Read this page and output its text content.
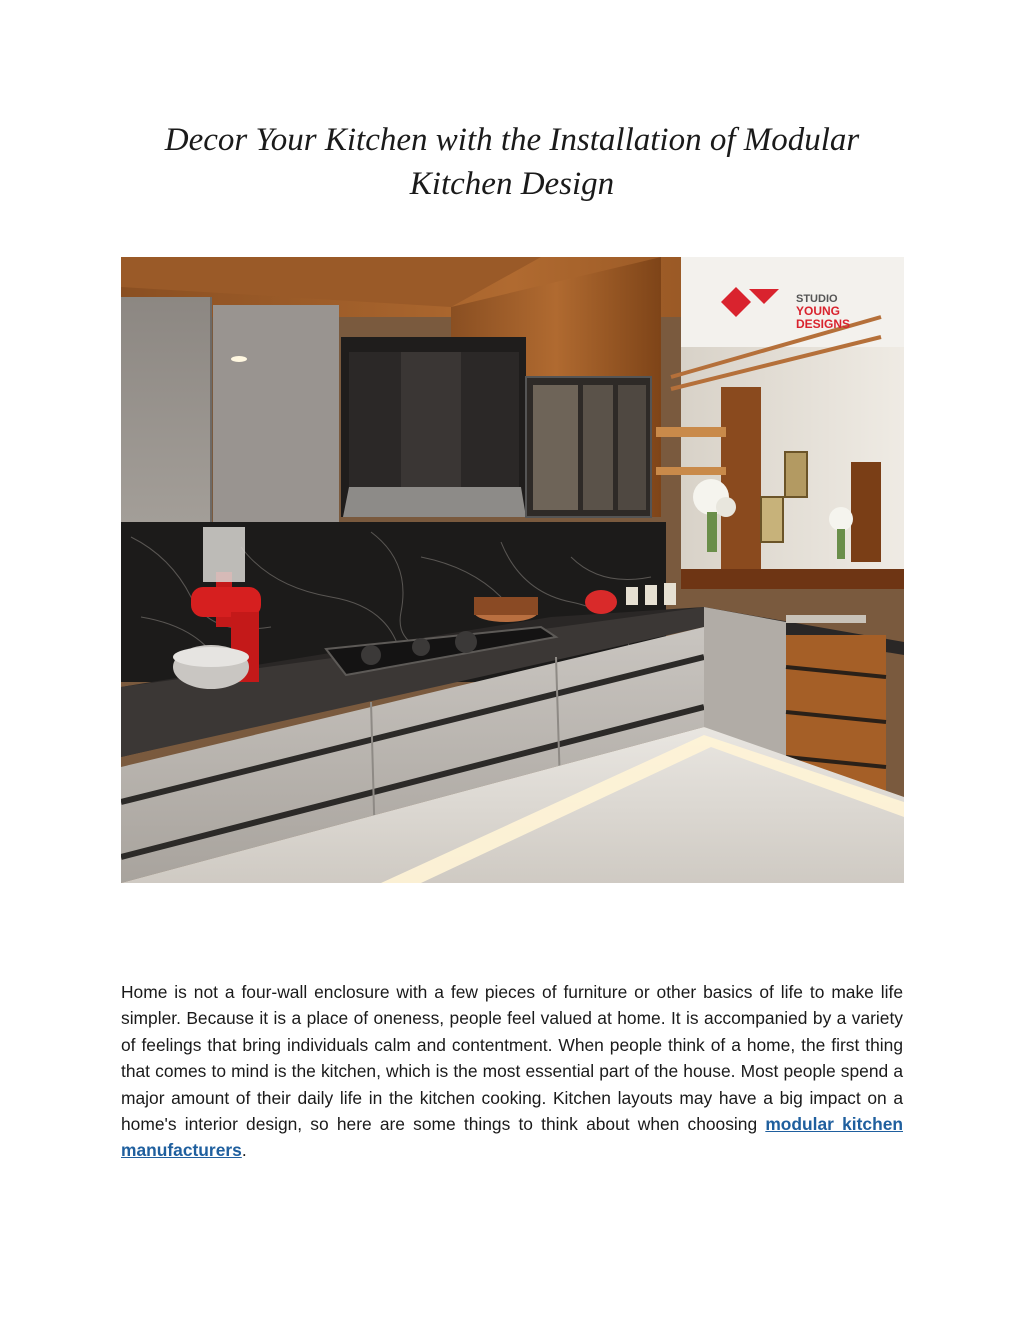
Decor Your Kitchen with the Installation of Modular Kitchen Design
STUDIO
YOUNG
DESIGNS

Home is not a four-wall enclosure with a few pieces of furniture or other basics of life to make life simpler. Because it is a place of oneness, people feel valued at home. It is accompanied by a variety of feelings that bring individuals calm and contentment. When people think of a home, the first thing that comes to mind is the kitchen, which is the most essential part of the house. Most people spend a major amount of their daily life in the kitchen cooking. Kitchen layouts may have a big impact on a home's interior design, so here are some things to think about when choosing modular kitchen manufacturers.
